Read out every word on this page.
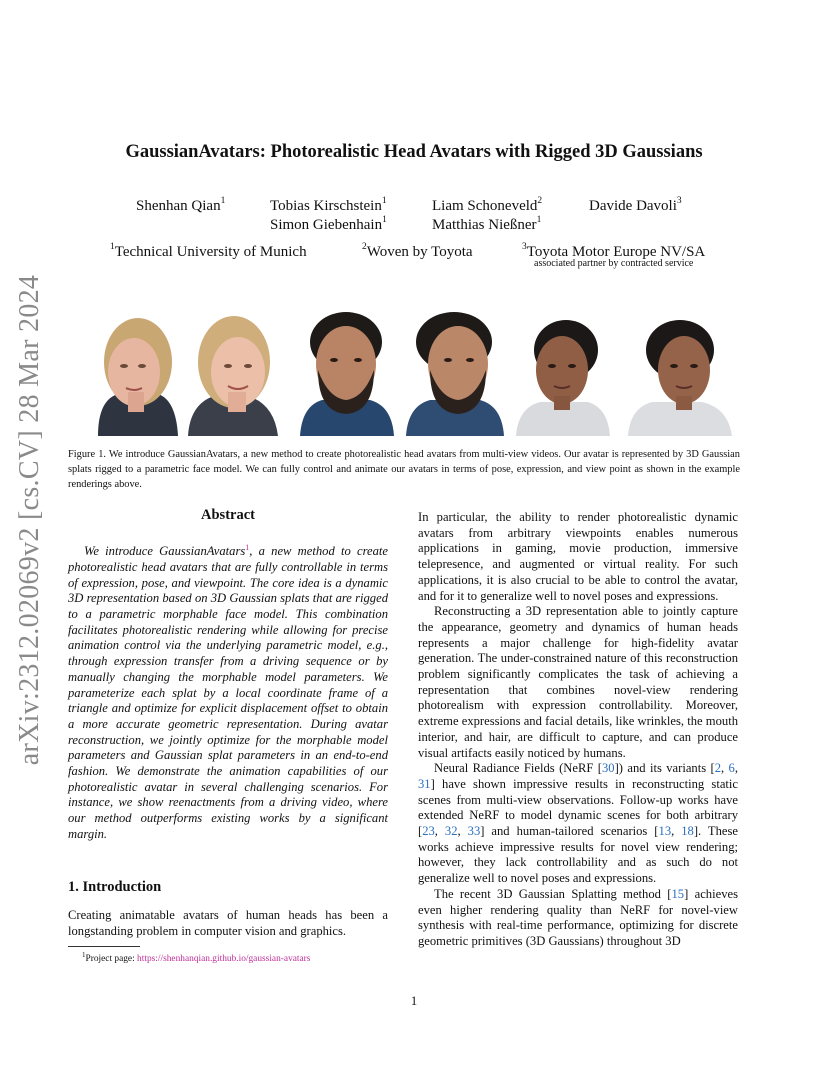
arXiv:2312.02069v2 [cs.CV] 28 Mar 2024
GaussianAvatars: Photorealistic Head Avatars with Rigged 3D Gaussians
Shenhan Qian$^1$	Tobias Kirschstein$^1$	Liam Schoneveld$^2$	Davide Davoli$^3$
Simon Giebenhain$^1$	Matthias Nießner$^1$
$^1$Technical University of Munich	$^2$Woven by Toyota	$^3$Toyota Motor Europe NV/SA
associated partner by contracted service
Figure 1. We introduce GaussianAvatars, a new method to create photorealistic head avatars from multi-view videos. Our avatar is represented by 3D Gaussian splats rigged to a parametric face model. We can fully control and animate our avatars in terms of pose, expression, and view point as shown in the example renderings above.
Abstract

We introduce GaussianAvatars$^1$, a new method to create photorealistic head avatars that are fully controllable in terms of expression, pose, and viewpoint. The core idea is a dynamic 3D representation based on 3D Gaussian splats that are rigged to a parametric morphable face model. This combination facilitates photorealistic rendering while allowing for precise animation control via the underlying parametric model, e.g., through expression transfer from a driving sequence or by manually changing the morphable model parameters. We parameterize each splat by a local coordinate frame of a triangle and optimize for explicit displacement offset to obtain a more accurate geometric representation. During avatar reconstruction, we jointly optimize for the morphable model parameters and Gaussian splat parameters in an end-to-end fashion. We demonstrate the animation capabilities of our photorealistic avatar in several challenging scenarios. For instance, we show reenactments from a driving video, where our method outperforms existing works by a significant margin.

1. Introduction
Creating animatable avatars of human heads has been a longstanding problem in computer vision and graphics.
$^1$Project page: https://shenhanqian.github.io/gaussian-avatars

In particular, the ability to render photorealistic dynamic avatars from arbitrary viewpoints enables numerous applications in gaming, movie production, immersive telepresence, and augmented or virtual reality. For such applications, it is also crucial to be able to control the avatar, and for it to generalize well to novel poses and expressions.

Reconstructing a 3D representation able to jointly capture the appearance, geometry and dynamics of human heads represents a major challenge for high-fidelity avatar generation. The under-constrained nature of this reconstruction problem significantly complicates the task of achieving a representation that combines novel-view rendering photorealism with expression controllability. Moreover, extreme expressions and facial details, like wrinkles, the mouth interior, and hair, are difficult to capture, and can produce visual artifacts easily noticed by humans.

Neural Radiance Fields (NeRF [30]) and its variants [2, 6, 31] have shown impressive results in reconstructing static scenes from multi-view observations. Follow-up works have extended NeRF to model dynamic scenes for both arbitrary [23, 32, 33] and human-tailored scenarios [13, 18]. These works achieve impressive results for novel view rendering; however, they lack controllability and as such do not generalize well to novel poses and expressions.

The recent 3D Gaussian Splatting method [15] achieves even higher rendering quality than NeRF for novel-view synthesis with real-time performance, optimizing for discrete geometric primitives (3D Gaussians) throughout 3D

1
